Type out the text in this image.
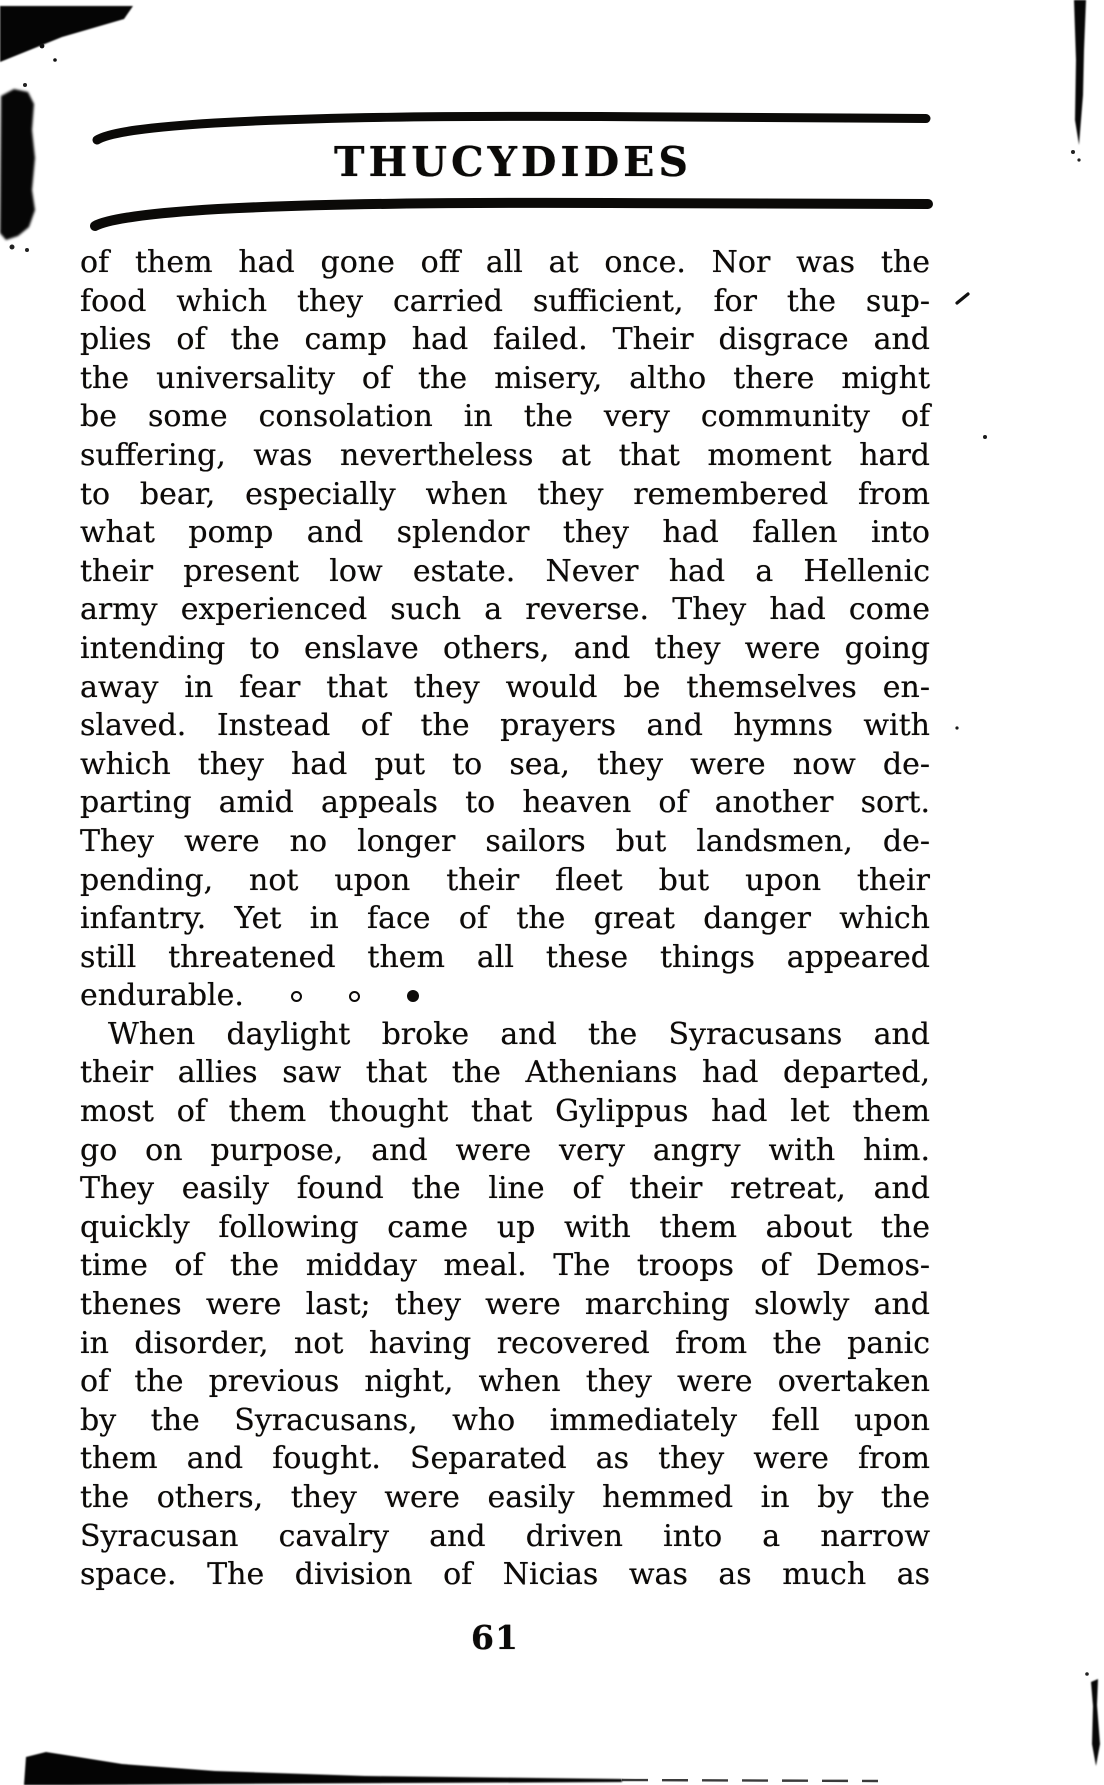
THUCYDIDES
of them had gone off all at once. Nor was the
food which they carried sufficient, for the sup-
plies of the camp had failed. Their disgrace and
the universality of the misery, altho there might
be some consolation in the very community of
suffering, was nevertheless at that moment hard
to bear, especially when they remembered from
what pomp and splendor they had fallen into
their present low estate. Never had a Hellenic
army experienced such a reverse. They had come
intending to enslave others, and they were going
away in fear that they would be themselves en-
slaved. Instead of the prayers and hymns with
which they had put to sea, they were now de-
parting amid appeals to heaven of another sort.
They were no longer sailors but landsmen, de-
pending, not upon their fleet but upon their
infantry. Yet in face of the great danger which
still threatened them all these things appeared
endurable.
When daylight broke and the Syracusans and
their allies saw that the Athenians had departed,
most of them thought that Gylippus had let them
go on purpose, and were very angry with him.
They easily found the line of their retreat, and
quickly following came up with them about the
time of the midday meal. The troops of Demos-
thenes were last; they were marching slowly and
in disorder, not having recovered from the panic
of the previous night, when they were overtaken
by the Syracusans, who immediately fell upon
them and fought. Separated as they were from
the others, they were easily hemmed in by the
Syracusan cavalry and driven into a narrow
space. The division of Nicias was as much as
61
